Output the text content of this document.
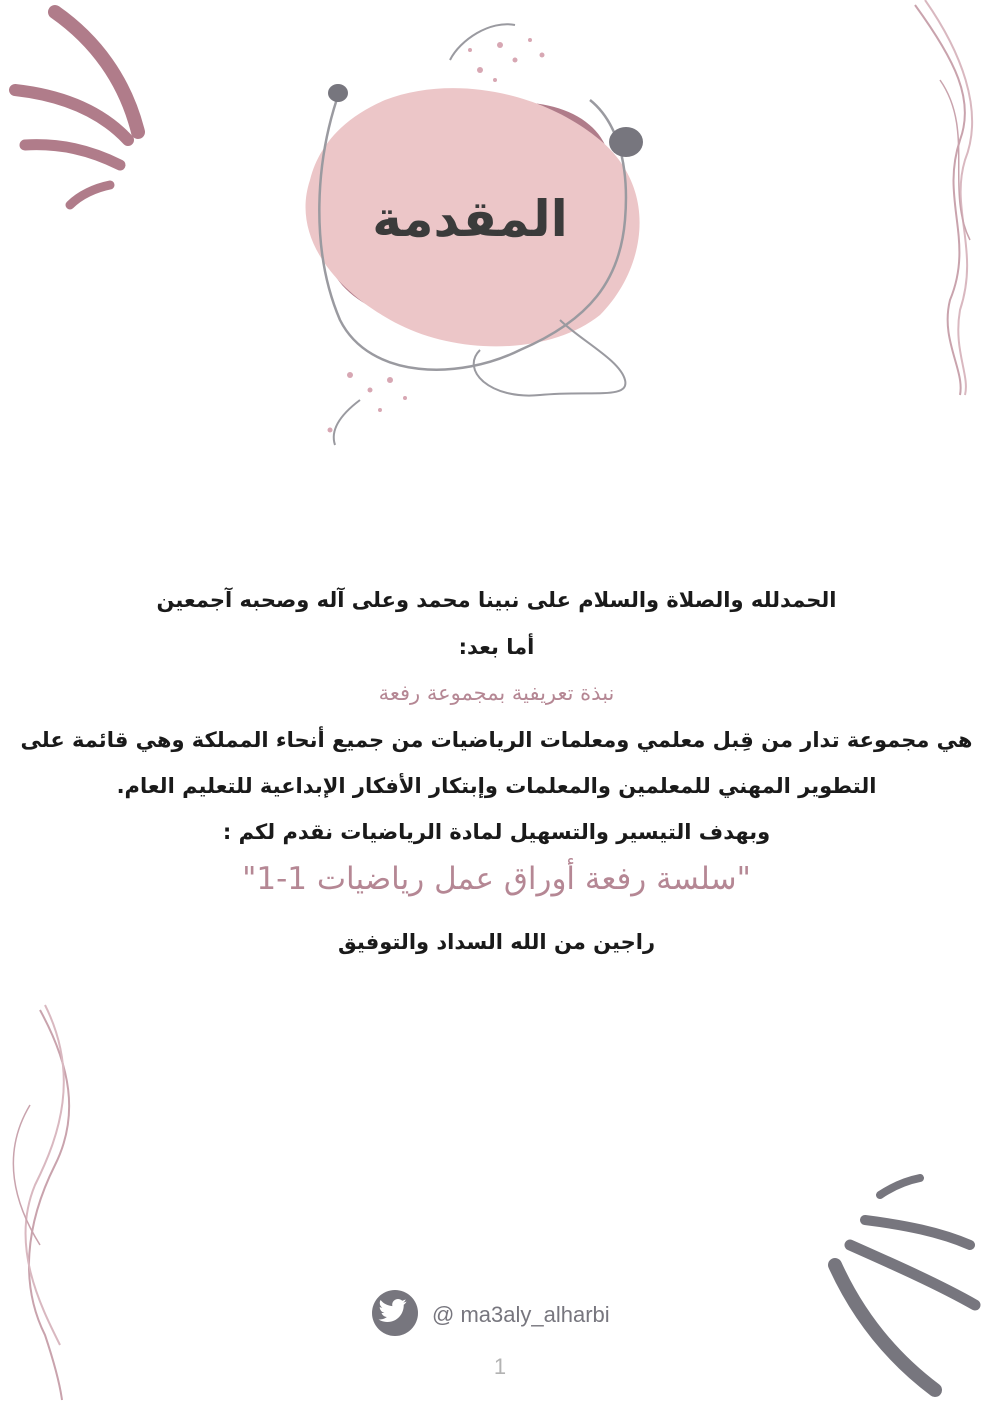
المقدمة
الحمدلله والصلاة والسلام على نبينا محمد وعلى آله وصحبه آجمعين
أما بعد:
نبذة تعريفية بمجموعة رفعة
هي مجموعة تدار من قِبل معلمي ومعلمات الرياضيات من جميع أنحاء المملكة وهي قائمة على
التطوير المهني للمعلمين والمعلمات وإبتكار الأفكار الإبداعية للتعليم العام.
وبهدف التيسير والتسهيل لمادة الرياضيات نقدم لكم :
"سلسة رفعة أوراق عمل رياضيات 1-1"
راجين من الله السداد والتوفيق
@ ma3aly_alharbi
1
